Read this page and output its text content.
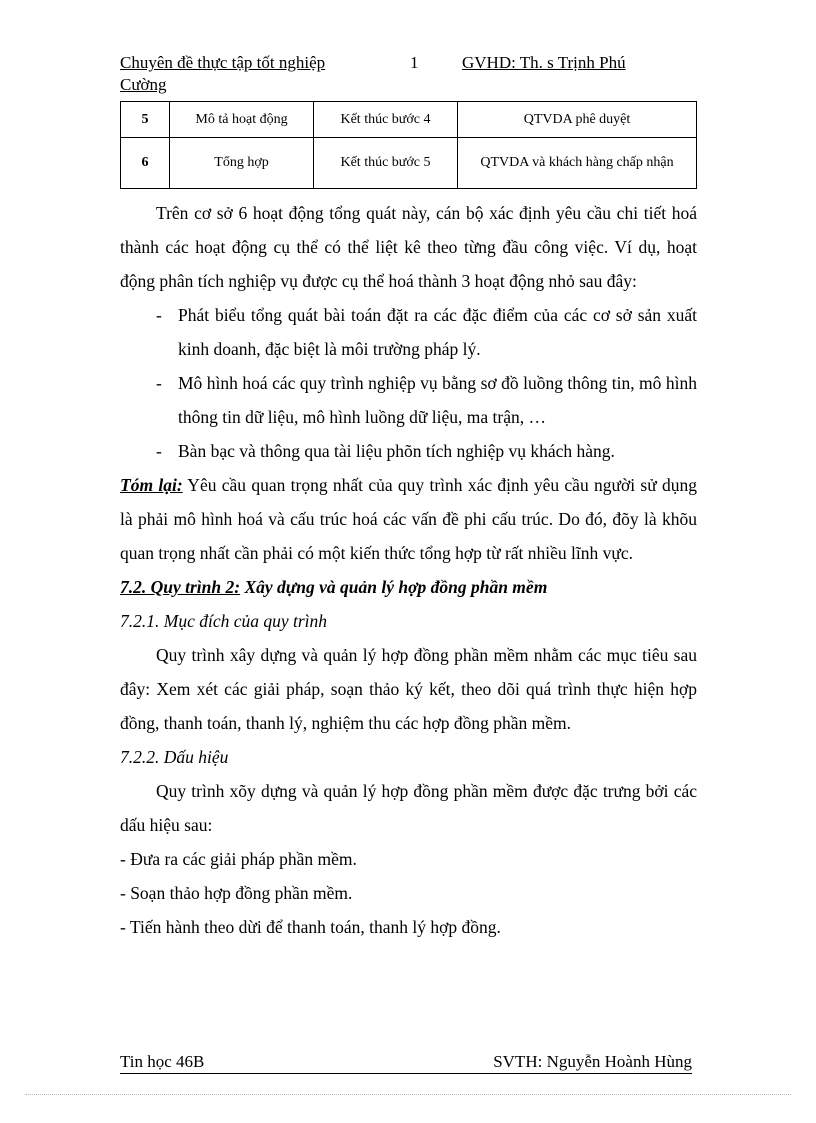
Chuyên đề thực tập tốt nghiệp	1	GVHD: Th. s Trịnh Phú
Cường
5	Mô tả hoạt động	Kết thúc bước 4	QTVDA phê duyệt
6	Tổng hợp	Kết thúc bước 5	QTVDA và khách hàng chấp nhận

Trên cơ sở 6 hoạt động tổng quát này, cán bộ xác định yêu cầu chi tiết hoá thành các hoạt động cụ thể có thể liệt kê theo từng đầu công việc. Ví dụ, hoạt động phân tích nghiệp vụ được cụ thể hoá thành 3 hoạt động nhỏ sau đây:

- Phát biểu tổng quát bài toán đặt ra các đặc điểm của các cơ sở sản xuất kinh doanh, đặc biệt là môi trường pháp lý.

- Mô hình hoá các quy trình nghiệp vụ bằng sơ đồ luồng thông tin, mô hình thông tin dữ liệu, mô hình luồng dữ liệu, ma trận, …

- Bàn bạc và thông qua tài liệu phõn tích nghiệp vụ khách hàng.

Tóm lại: Yêu cầu quan trọng nhất của quy trình xác định yêu cầu người sử dụng là phải mô hình hoá và cấu trúc hoá các vấn đề phi cấu trúc. Do đó, đõy là khõu quan trọng nhất cần phải có một kiến thức tổng hợp từ rất nhiều lĩnh vực.

7.2. Quy trình 2: Xây dựng và quản lý hợp đồng phần mềm

7.2.1. Mục đích của quy trình

Quy trình xây dựng và quản lý hợp đồng phần mềm nhằm các mục tiêu sau đây: Xem xét các giải pháp, soạn thảo ký kết, theo dõi quá trình thực hiện hợp đồng, thanh toán, thanh lý, nghiệm thu các hợp đồng phần mềm.

7.2.2. Dấu hiệu

Quy trình xõy dựng và quản lý hợp đồng phần mềm được đặc trưng bởi các dấu hiệu sau:

- Đưa ra các giải pháp phần mềm.

- Soạn thảo hợp đồng phần mềm.

- Tiến hành theo dừi để thanh toán, thanh lý hợp đồng.

Tin học 46B	SVTH: Nguyễn Hoành Hùng
